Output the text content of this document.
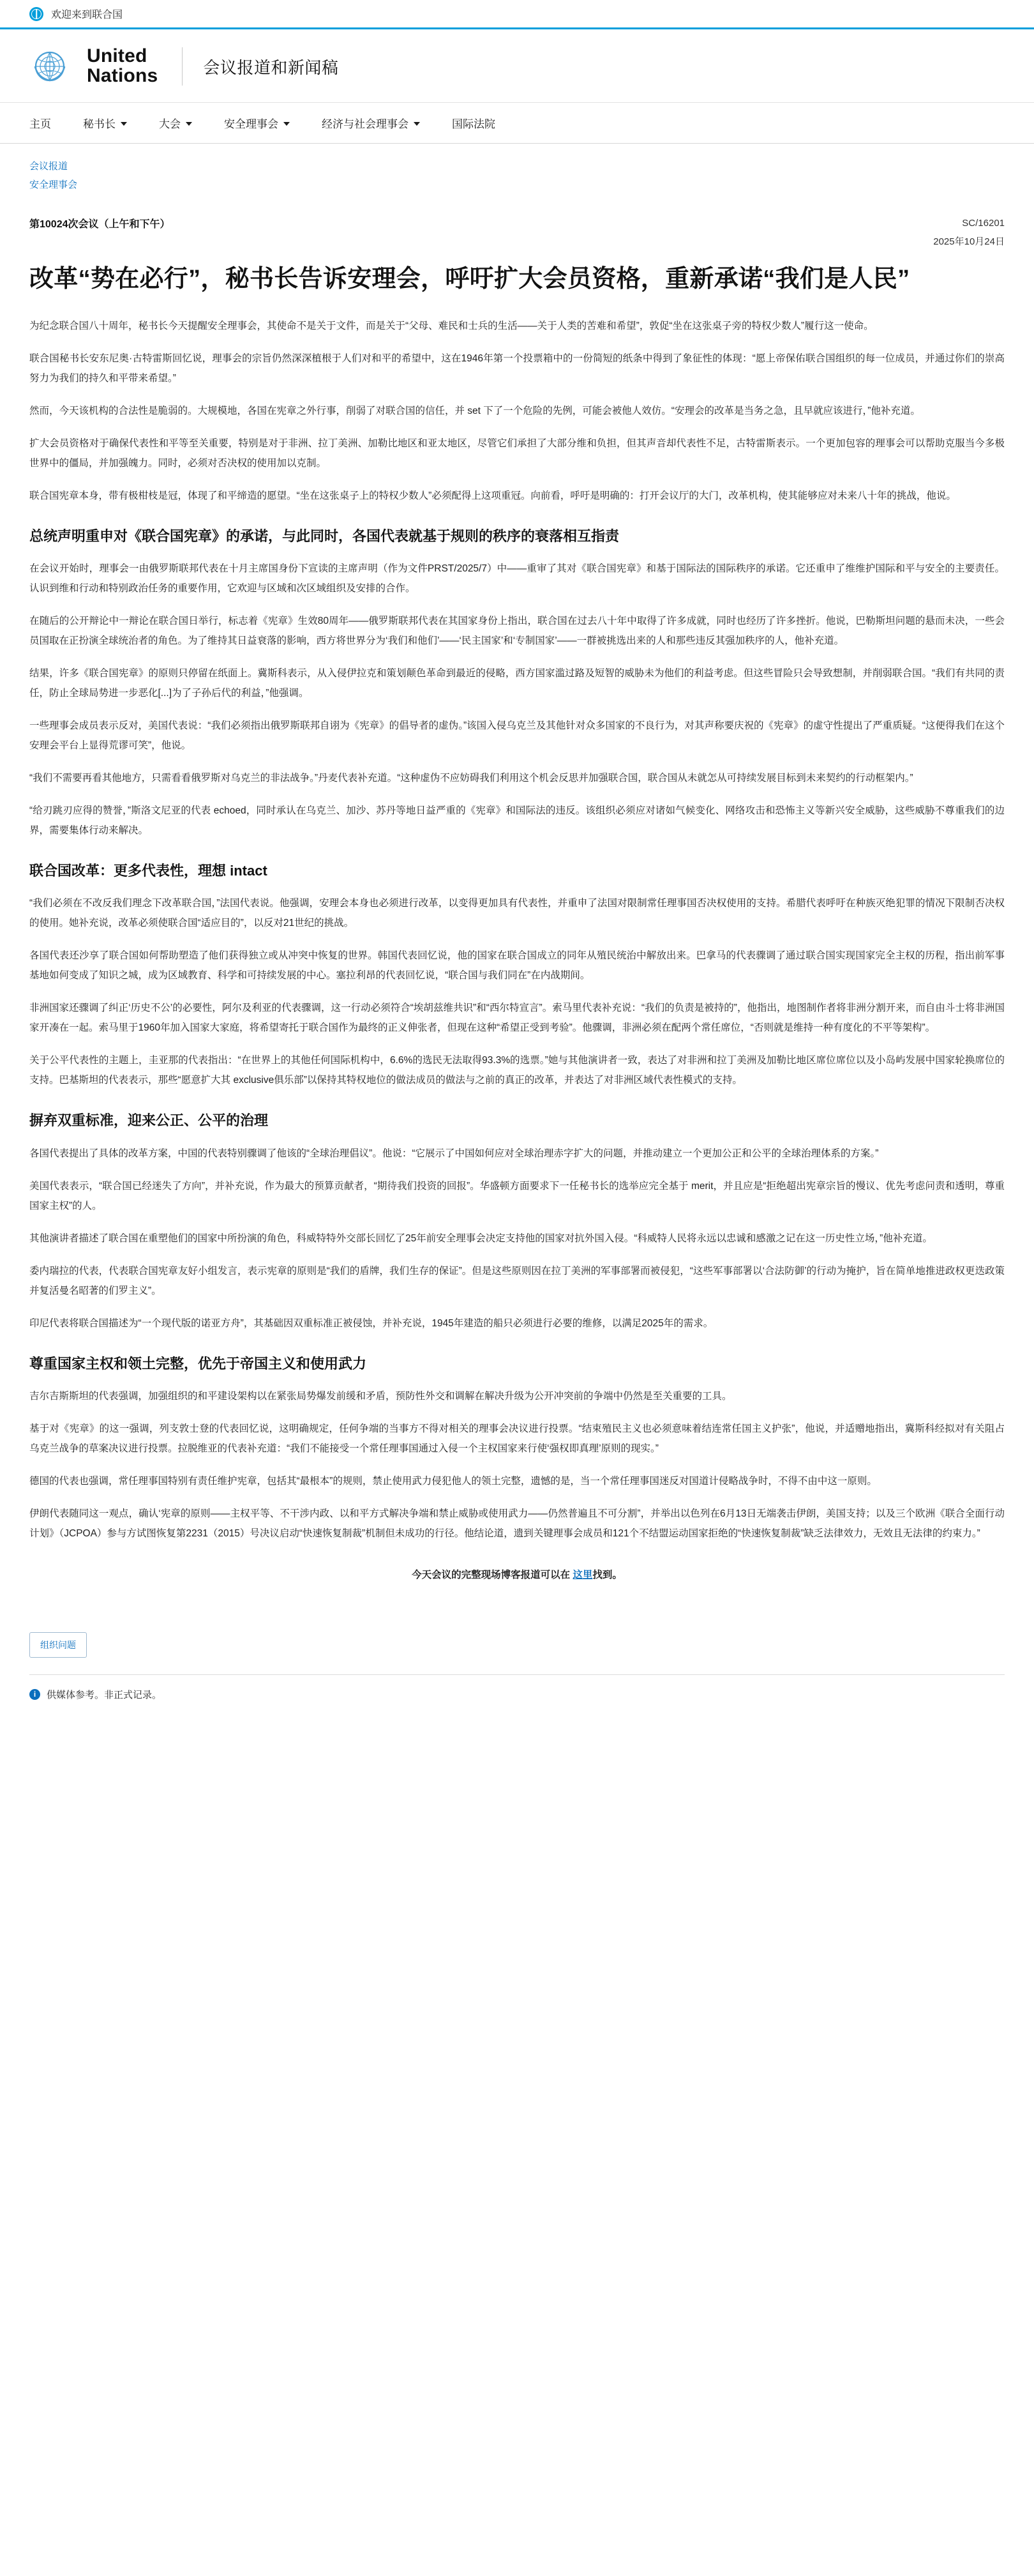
欢迎来到联合国
United
Nations	会议报道和新闻稿
主页	秘书长	大会	安全理事会	经济与社会理事会	国际法院
会议报道
安全理事会
第10024次会议（上午和下午）	SC/16201
2025年10月24日
改革“势在必行”，秘书长告诉安理会，呼吁扩大会员资格，重新承诺“我们是人民”

为纪念联合国八十周年，秘书长今天提醒安全理事会，其使命不是关于文件，而是关于“父母、难民和士兵的生活——关于人类的苦难和希望”，敦促“坐在这张桌子旁的特权少数人”履行这一使命。

联合国秘书长安东尼奥·古特雷斯回忆说，理事会的宗旨仍然深深植根于人们对和平的希望中，这在1946年第一个投票箱中的一份简短的纸条中得到了象征性的体现：“愿上帝保佑联合国组织的每一位成员，并通过你们的崇高努力为我们的持久和平带来希望。”

然而，今天该机构的合法性是脆弱的。大规模地，各国在宪章之外行事，削弱了对联合国的信任，并 set 下了一个危险的先例，可能会被他人效仿。“安理会的改革是当务之急，且早就应该进行，”他补充道。

扩大会员资格对于确保代表性和平等至关重要，特别是对于非洲、拉丁美洲、加勒比地区和亚太地区，尽管它们承担了大部分维和负担，但其声音却代表性不足，古特雷斯表示。一个更加包容的理事会可以帮助克服当今多极世界中的僵局，并加强魄力。同时，必须对否决权的使用加以克制。

联合国宪章本身，带有极柑枝是冠，体现了和平缔造的愿望。“坐在这张桌子上的特权少数人”必须配得上这项重冠。向前看，呼吁是明确的：打开会议厅的大门，改革机构，使其能够应对未来八十年的挑战，他说。

总统声明重申对《联合国宪章》的承诺，与此同时，各国代表就基于规则的秩序的衰落相互指责

在会议开始时，理事会一由俄罗斯联邦代表在十月主席国身份下宣读的主席声明（作为文件PRST/2025/7）中——重审了其对《联合国宪章》和基于国际法的国际秩序的承诺。它还重申了维维护国际和平与安全的主要责任。认识到维和行动和特别政治任务的重要作用，它欢迎与区域和次区域组织及安排的合作。

在随后的公开辩论中一辩论在联合国日举行，标志着《宪章》生效80周年——俄罗斯联邦代表在其国家身份上指出，联合国在过去八十年中取得了许多成就，同时也经历了许多挫折。他说，巴勒斯坦问题的悬而未决，一些会员国取在正扮演全球统治者的角色。为了维持其日益衰落的影响，西方将世界分为‘我们和他们’——‘民主国家’和‘专制国家’——一群被挑选出来的人和那些违反其强加秩序的人，他补充道。

结果，许多《联合国宪章》的原则只停留在纸面上。冀斯科表示，从入侵伊拉克和策划颠色革命到最近的侵略，西方国家滥过路及短智的威胁未为他们的利益考虑。但这些冒险只会导致想制，并削弱联合国。“我们有共同的责任，防止全球局势进一步恶化[...]为了子孙后代的利益，”他强调。

一些理事会成员表示反对，美国代表说：“我们必须指出俄罗斯联邦自诩为《宪章》的倡导者的虚伪。”该国入侵乌克兰及其他针对众多国家的不良行为，对其声称要庆祝的《宪章》的虚守性提出了严重质疑。“这便得我们在这个安理会平台上显得荒谬可笑”，他说。

“我们不需要再看其他地方，只需看看俄罗斯对乌克兰的非法战争。”丹麦代表补充道。“这种虚伪不应妨碍我们利用这个机会反思并加强联合国，联合国从未就怎从可持续发展目标到未来契约的行动框架内。”

“给刃跳刃应得的赞誉，”斯洛文尼亚的代表 echoed，同时承认在乌克兰、加沙、苏丹等地日益严重的《宪章》和国际法的违反。该组织必须应对诸如气候变化、网络攻击和恐怖主义等新兴安全威胁，这些威胁不尊重我们的边界，需要集体行动来解决。

联合国改革：更多代表性，理想 intact

“我们必须在不改反我们理念下改革联合国，”法国代表说。他强调，安理会本身也必须进行改革，以变得更加具有代表性，并重申了法国对限制常任理事国否决权使用的支持。希腊代表呼吁在种族灭绝犯罪的情况下限制否决权的使用。她补充说，改革必须使联合国“适应目的”，以反对21世纪的挑战。

各国代表还沙享了联合国如何帮助塑造了他们获得独立或从冲突中恢复的世界。韩国代表回忆说，他的国家在联合国成立的同年从殖民统治中解放出来。巴拿马的代表骤调了通过联合国实现国家完全主权的历程，指出前军事基地如何变成了知识之城，成为区域教育、科学和可持续发展的中心。塞拉利昂的代表回忆说，“联合国与我们同在”在内战期间。

非洲国家还骤调了纠正‘历史不公’的必要性，阿尔及利亚的代表骤调，这一行动必须符合“埃胡兹维共识”和“西尔特宣言”。索马里代表补充说：“我们的负责是被持的”，他指出，地图制作者将非洲分割开来，而自由斗士将非洲国家开凑在一起。索马里于1960年加入国家大家庭，将希望寄托于联合国作为最终的正义伸张者，但现在这种“希望正受到考验”。他骤调，非洲必须在配两个常任席位，“否则就是维持一种有度化的不平等架构”。

关于公平代表性的主题上，圭亚那的代表指出：“在世界上的其他任何国际机构中，6.6%的选民无法取得93.3%的选票。”她与其他演讲者一致，表达了对非洲和拉丁美洲及加勒比地区席位席位以及小岛屿发展中国家轮换席位的支持。巴基斯坦的代表表示，那些“愿意扩大其 exclusive俱乐部”以保持其特权地位的做法成员的做法与之前的真正的改革，并表达了对非洲区域代表性模式的支持。

摒弃双重标准，迎来公正、公平的治理

各国代表提出了具体的改革方案，中国的代表特别骤调了他该的“全球治理倡议”。他说：“它展示了中国如何应对全球治理赤字扩大的问题，并推动建立一个更加公正和公平的全球治理体系的方案。”

美国代表表示，“联合国已经迷失了方向”，并补充说，作为最大的预算贡献者，“期待我们投资的回报”。华盛顿方面要求下一任秘书长的选举应完全基于 merit，并且应是“拒绝超出宪章宗旨的慢议、优先考虑问责和透明，尊重国家主权”的人。

其他演讲者描述了联合国在重塑他们的国家中所扮演的角色，科威特特外交部长回忆了25年前安全理事会决定支持他的国家对抗外国入侵。“科威特人民将永远以忠诚和感激之记在这一历史性立场，”他补充道。

委内瑞拉的代表，代表联合国宪章友好小组发言，表示宪章的原则是“我们的盾牌，我们生存的保证”。但是这些原则因在拉丁美洲的军事部署而被侵犯，“这些军事部署以‘合法防御’的行动为掩护，旨在简单地推进政权更迭政策并复活曼名昭著的们罗主义”。

印尼代表将联合国描述为“一个现代版的诺亚方舟”，其基础因双重标准正被侵蚀，并补充说，1945年建造的船只必须进行必要的维修，以满足2025年的需求。

尊重国家主权和领土完整，优先于帝国主义和使用武力

吉尔吉斯斯坦的代表强调，加强组织的和平建设架构以在紧张局势爆发前缓和矛盾，预防性外交和调解在解决升级为公开冲突前的争端中仍然是至关重要的工具。

基于对《宪章》的这一强调，列支敦士登的代表回忆说，这明确规定，任何争端的当事方不得对相关的理事会决议进行投票。“结束殖民主义也必须意味着结连常任国主义护张”，他说，并适赠地指出，冀斯科经拟对有关阻占乌克兰战争的草案决议进行投票。拉脱维亚的代表补充道：“我们不能接受一个常任理事国通过入侵一个主权国家来行使‘强权即真理’原则的现实。”

德国的代表也强调，常任理事国特别有责任维护宪章，包括其“最根本”的规则，禁止使用武力侵犯他人的领土完整，遗憾的是，当一个常任理事国迷反对国道计侵略战争时，不得不由中这一原则。

伊朗代表随同这一观点，确认‘宪章的原则——主权平等、不干涉内政、以和平方式解决争端和禁止威胁或使用武力——仍然普遍且不可分割”，并举出以色列在6月13日无端袭击伊朗，美国支持；以及三个欧洲《联合全面行动计划》（JCPOA）参与方试图恢复第2231（2015）号决议启动“快速恢复制裁”机制但未成功的行径。他结论道，遗到关键理事会成员和121个不结盟运动国家拒绝的“快速恢复制裁”缺乏法律效力，无效且无法律的约束力。”

今天会议的完整现场博客报道可以在 这里找到。

组织问题
i	供媒体参考。非正式记录。
